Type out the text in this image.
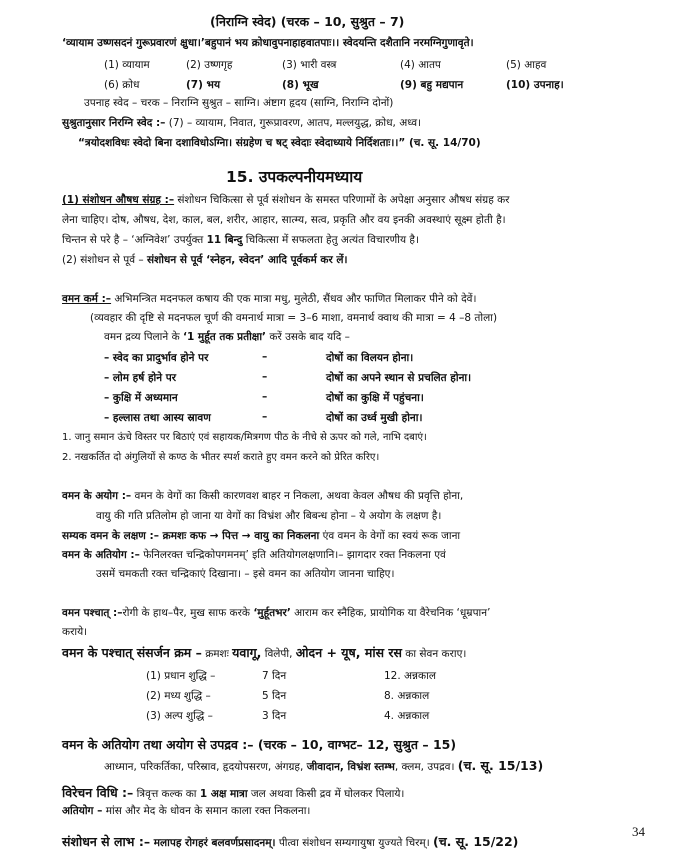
(निराग्नि स्वेद) (चरक – 10, सुश्रुत – 7)
‘व्यायाम उष्णसदनं गुरूप्रवारणं क्षुधा।’बहुपानं भय क्रोधावुपनाहाहवातपाः।। स्वेदयन्ति दशैतानि नरमग्निगुणावृते।
(1) व्यायाम	(2) उष्णगृह	(3) भारी वस्त्र	(4) आतप	(5) आहव
(6) क्रोध	(7) भय	(8) भूख	(9) बहु मद्यपान	(10) उपनाह।
उपनाह स्वेद – चरक – निराग्नि सुश्रुत – साग्नि। अंष्टाग हृदय (साग्नि, निराग्नि दोनों)
सुश्रुतानुसार निरग्नि स्वेद :– (7) – व्यायाम, निवात, गुरूप्रावरण, आतप, मल्लयुद्ध, क्रोध, अध्व।
“त्रयोदशविधः स्वेदो बिना दशाविधोऽग्निा। संग्रहेण च षट् स्वेदाः स्वेदाध्याये निर्दिशताः।।” (च. सू. 14/70)
15. उपकल्पनीयमध्याय
(1) संशोधन औषध संग्रह :– संशोधन चिकित्सा से पूर्व संशोधन के समस्त परिणामों के अपेक्षा अनुसार औषध संग्रह कर
लेना चाहिए। दोष, औषध, देश, काल, बल, शरीर, आहार, सात्म्य, सत्व, प्रकृति और वय इनकी अवस्थाएं सूक्ष्म होती है।
चिन्तन से परे है – ‘अग्निवेश’ उपर्युक्त 11 बिन्दु चिकित्सा में सफलता हेतु अत्यंत विचारणीय है।
(2) संशोधन से पूर्व – संशोधन से पूर्व ‘स्नेहन, स्वेदन’ आदि पूर्वकर्म कर लें।
वमन कर्म :– अभिमन्त्रित मदनफल कषाय की एक मात्रा मधु, मुलेठी, सैंधव और फाणित मिलाकर पीने को देवें।
(व्यवहार की दृष्टि से मदनफल चूर्ण की वमनार्थ मात्रा = 3–6 माशा, वमनार्थ क्वाथ की मात्रा = 4 –8 तोला)
वमन द्रव्य पिलाने के ‘1 मुर्हूत तक प्रतीक्षा’ करें उसके बाद यदि –
– स्वेद का प्रादुर्भाव होने पर	–	दोषों का विलयन होना।
– लोम हर्ष होने पर	–	दोषों का अपने स्थान से प्रचलित होना।
– कुक्षि में अध्यमान	–	दोषों का कुक्षि में पहुंचना।
– हल्लास तथा आस्य स्रावण	–	दोषों का उर्ध्व मुखी होना।
1. जानु समान ऊंचे विस्तर पर बिठाएं एवं सहायक/मित्रगण पीठ के नीचे से ऊपर को गले, नाभि दबाएं।
2. नखकर्तित दो अंगुलियों से कण्ठ के भीतर स्पर्श कराते हुए वमन करने को प्रेरित करिए।
वमन के अयोग :– वमन के वेगों का किसी कारणवश बाहर न निकला, अथवा केवल औषध की प्रवृत्ति होना,
वायु की गति प्रतिलोम हो जाना या वेगों का विभ्रंश और बिबन्ध होना – ये अयोग के लक्षण है।
सम्यक वमन के लक्षण :– क्रमशः कफ → पित्त → वायु का निकलना एंव वमन के वेगों का स्वयं रूक जाना
वमन के अतियोग :– फेनिलरक्त चन्द्रिकोपगमनम्’ इति अतियोगलक्षणानि।– झागदार रक्त निकलना एवं
उसमें चमकती रक्त चन्द्रिकाएं दिखाना। – इसे वमन का अतियोग जानना चाहिए।
वमन पश्चात् :–रोगी के हाथ–पैर, मुख साफ करके ‘मुर्हूतभर’ आराम कर स्नैहिक, प्रायोगिक या वैरेचनिक ‘धूम्रपान’
कराये।
वमन के पश्चात् संसर्जन क्रम – क्रमशः यवागू, विलेपी, ओदन + यूष, मांस रस का सेवन कराए।
(1) प्रधान शुद्धि –	7 दिन	12. अन्नकाल
(2) मध्य शुद्धि –	5 दिन	8. अन्नकाल
(3) अल्प शुद्धि –	3 दिन	4. अन्नकाल
वमन के अतियोग तथा अयोग से उपद्रव :– (चरक – 10, वाग्भट– 12, सुश्रुत – 15)
आध्मान, परिकर्तिका, परिस्राव, हृदयोपसरण, अंगग्रह, जीवादान, विभ्रंश स्तम्भ, क्लम, उपद्रव। (च. सू. 15/13)
विरेचन विधि :– त्रिवृत्त कल्क का 1 अक्ष मात्रा जल अथवा किसी द्रव में घोलकर पिलाये।
अतियोग – मांस और मेद के धोवन के समान काला रक्त निकलना।
संशोधन से लाभ :– मलापह रोगहरं बलवर्णप्रसादनम्। पीत्वा संशोधन सम्यगायुषा युज्यते चिरम्। (च. सू. 15/22)
34
